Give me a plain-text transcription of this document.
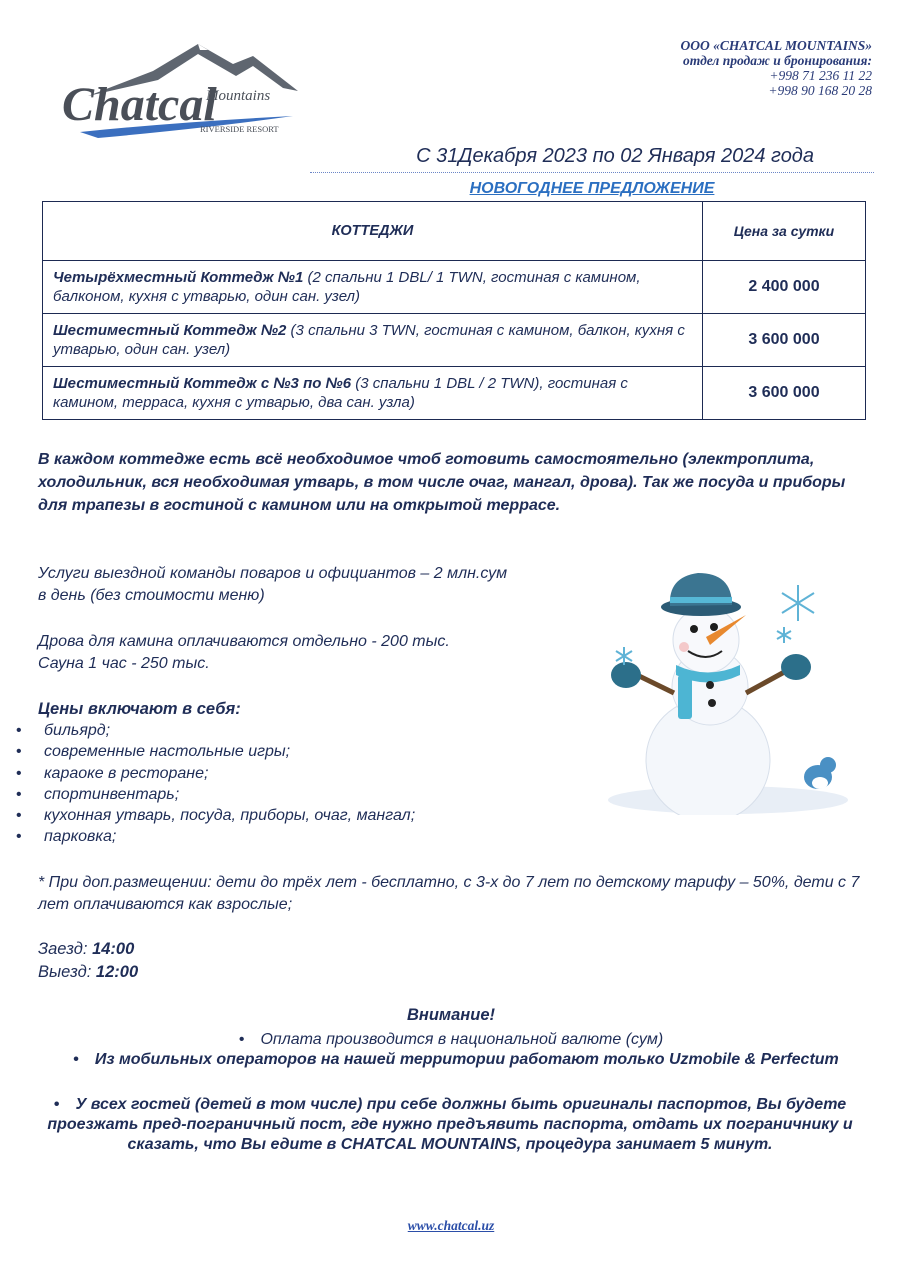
Chatcal
Mountains
RIVERSIDE RESORT
ООО «CHATCAL MOUNTAINS»
отдел продаж и бронирования:
+998 71 236 11 22
+998 90 168 20 28
С 31Декабря 2023 по 02 Января 2024 года
НОВОГОДНЕЕ ПРЕДЛОЖЕНИЕ
КОТТЕДЖИ	Цена за сутки
Четырёхместный Коттедж №1 (2 спальни 1 DBL/ 1 TWN, гостиная с камином, балконом, кухня с утварью, один сан. узел)	2 400 000
Шестиместный Коттедж №2 (3 спальни 3 TWN, гостиная с камином, балкон, кухня с утварью, один сан. узел)	3 600 000
Шестиместный Коттедж с №3 по №6 (3 спальни 1 DBL / 2 TWN), гостиная с камином, терраса, кухня с утварью, два сан. узла)	3 600 000
В каждом коттедже есть всё необходимое чтоб готовить самостоятельно (электроплита, холодильник, вся необходимая утварь, в том числе очаг, мангал, дрова). Так же посуда и приборы для трапезы в гостиной с камином или на открытой террасе.
Услуги выездной команды поваров и официантов – 2 млн.сум
в день (без стоимости меню)
Дрова для камина оплачиваются отдельно - 200 тыс.
Сауна 1 час - 250 тыс.
Цены включают в себя:
• бильярд;
• современные настольные игры;
• караоке в ресторане;
• спортинвентарь;
• кухонная утварь, посуда, приборы, очаг, мангал;
• парковка;
* При доп.размещении: дети до трёх лет - бесплатно, с 3-х до 7 лет по детскому тарифу – 50%, дети с 7 лет оплачиваются как взрослые;
Заезд: 14:00
Выезд: 12:00
Внимание!
• Оплата производится в национальной валюте (сум)
• Из мобильных операторов на нашей территории работают только Uzmobile & Perfectum
• У всех гостей (детей в том числе) при себе должны быть оригиналы паспортов, Вы будете проезжать пред-пограничный пост, где нужно предъявить паспорта, отдать их пограничнику и сказать, что Вы едите в CHATCAL MOUNTAINS, процедура занимает 5 минут.
www.chatcal.uz
